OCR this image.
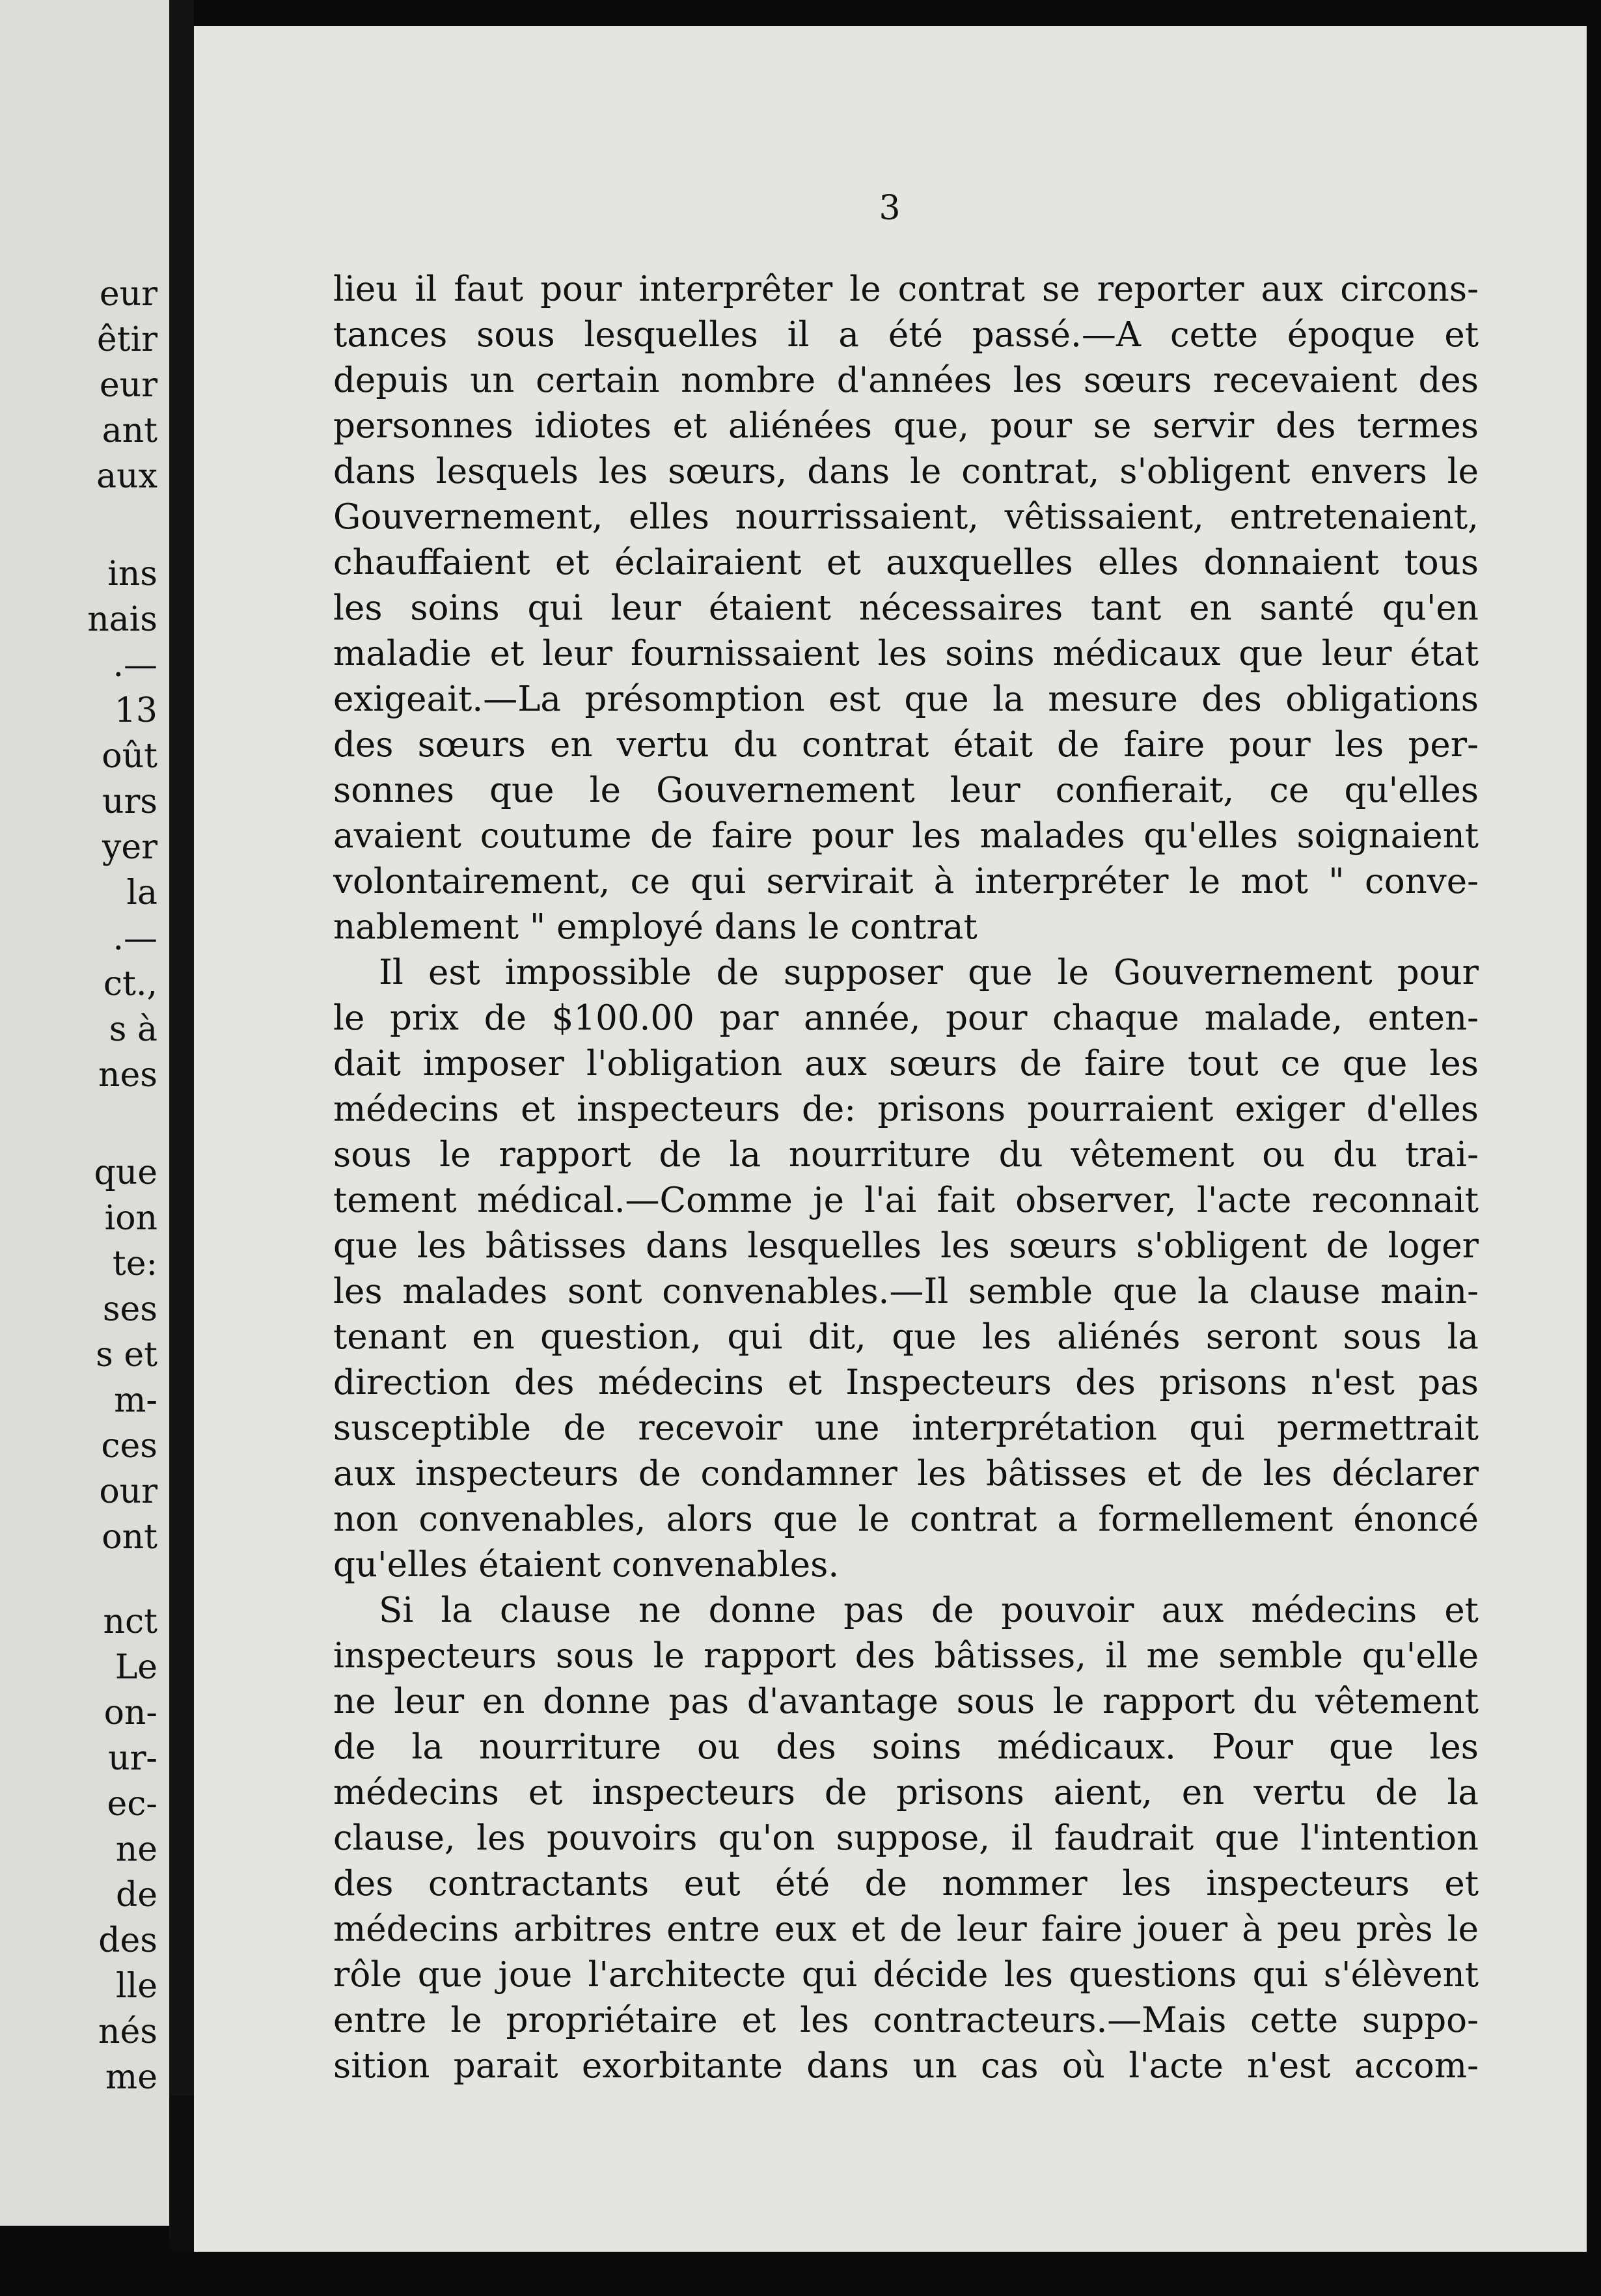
eur

êtir

eur

ant

aux

ins

nais

.—

13

oût

urs

yer

la

.—

ct.,

s à

nes

que

ion

te:

ses

s et

m-

ces

our

ont

nct

Le

on-

ur-

ec-

ne

de

des

lle

nés

me

3

lieu il faut pour interprêter le contrat se reporter aux circons-
tances sous lesquelles il a été passé.—A cette époque et
depuis un certain nombre d'années les sœurs recevaient des
personnes idiotes et aliénées que, pour se servir des termes
dans lesquels les sœurs, dans le contrat, s'obligent envers le
Gouvernement, elles nourrissaient, vêtissaient, entretenaient,
chauffaient et éclairaient et auxquelles elles donnaient tous
les soins qui leur étaient nécessaires tant en santé qu'en
maladie et leur fournissaient les soins médicaux que leur état
exigeait.—La présomption est que la mesure des obligations
des sœurs en vertu du contrat était de faire pour les per-
sonnes que le Gouvernement leur confierait, ce qu'elles
avaient coutume de faire pour les malades qu'elles soignaient
volontairement, ce qui servirait à interpréter le mot " conve-
nablement " employé dans le contrat
Il est impossible de supposer que le Gouvernement pour
le prix de $100.00 par année, pour chaque malade, enten-
dait imposer l'obligation aux sœurs de faire tout ce que les
médecins et inspecteurs de: prisons pourraient exiger d'elles
sous le rapport de la nourriture du vêtement ou du trai-
tement médical.—Comme je l'ai fait observer, l'acte reconnait
que les bâtisses dans lesquelles les sœurs s'obligent de loger
les malades sont convenables.—Il semble que la clause main-
tenant en question, qui dit, que les aliénés seront sous la
direction des médecins et Inspecteurs des prisons n'est pas
susceptible de recevoir une interprétation qui permettrait
aux inspecteurs de condamner les bâtisses et de les déclarer
non convenables, alors que le contrat a formellement énoncé
qu'elles étaient convenables.
Si la clause ne donne pas de pouvoir aux médecins et
inspecteurs sous le rapport des bâtisses, il me semble qu'elle
ne leur en donne pas d'avantage sous le rapport du vêtement
de la nourriture ou des soins médicaux. Pour que les
médecins et inspecteurs de prisons aient, en vertu de la
clause, les pouvoirs qu'on suppose, il faudrait que l'intention
des contractants eut été de nommer les inspecteurs et
médecins arbitres entre eux et de leur faire jouer à peu près le
rôle que joue l'architecte qui décide les questions qui s'élèvent
entre le propriétaire et les contracteurs.—Mais cette suppo-
sition parait exorbitante dans un cas où l'acte n'est accom-
